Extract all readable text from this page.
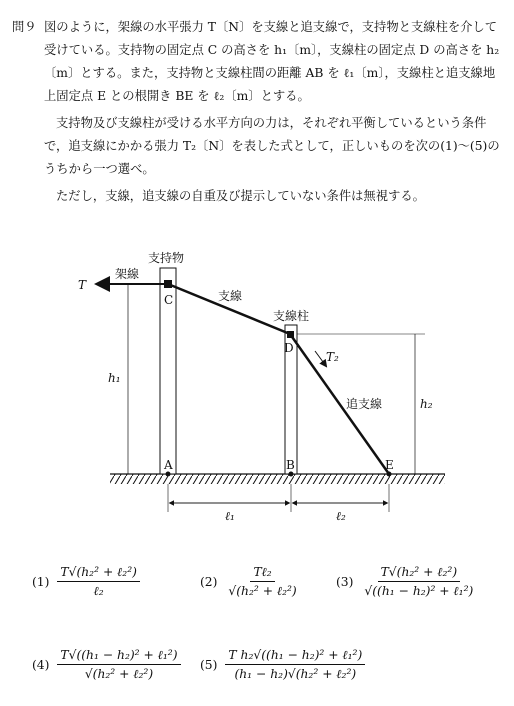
問９ 図のように，架線の水平張力 T〔N〕を支線と追支線で，支持物と支線柱を介して受けている。支持物の固定点 C の高さを h₁〔m〕，支線柱の固定点 D の高さを h₂〔m〕とする。また，支持物と支線柱間の距離 AB を ℓ₁〔m〕，支線柱と追支線地上固定点 E との根開き BE を ℓ₂〔m〕とする。
支持物及び支線柱が受ける水平方向の力は，それぞれ平衡しているという条件で，追支線にかかる張力 T₂〔N〕を表した式として，正しいものを次の(1)～(5)のうちから一つ選べ。
ただし，支線，追支線の自重及び提示していない条件は無視する。
支持物
架線
T
C	支線
支線柱
D
T₂
追支線
h₁
h₂
A	B	E
ℓ₁	ℓ₂
$(1) \frac{\text{T√(h₂² + ℓ₂²)}}{\text{ℓ₂}}$	$(2) \frac{\text{Tℓ₂}}{\text{√(h₂² + ℓ₂²)}}$	$(3) \frac{\text{T√(h₂² + ℓ₂²)}}{\text{√((h₁ − h₂)² + ℓ₁²)}}$
$(4) \frac{\text{T√((h₁ − h₂)² + ℓ₁²)}}{\text{√(h₂² + ℓ₂²)}} (5) \frac{\text{T h₂√((h₁ − h₂)² + ℓ₁²)}}{\text{(h₁ − h₂)√(h₂² + ℓ₂²)}}$
